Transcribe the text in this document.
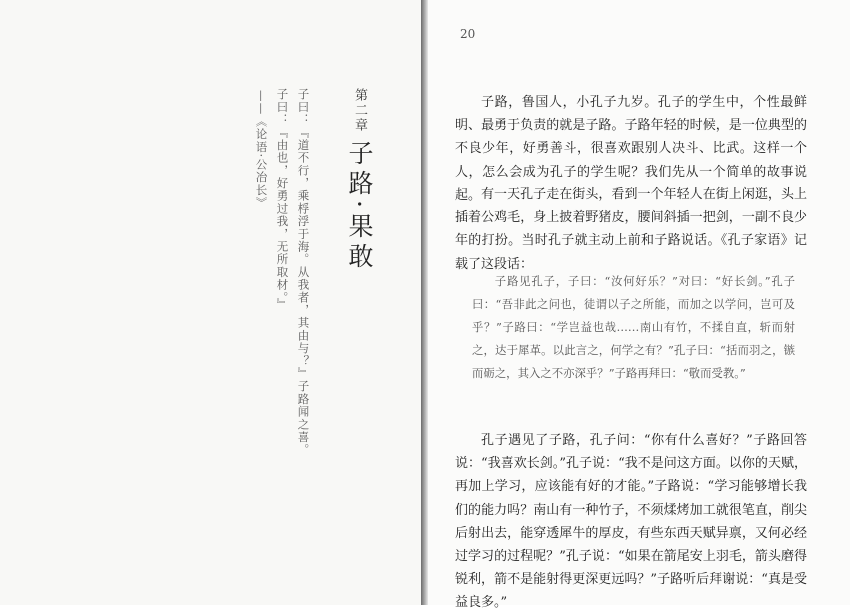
第二章
子路·果敢
子曰：『道不行，乘桴浮于海。从我者，其由与？』子路闻之喜。
子曰：『由也，好勇过我，无所取材。』
——《论语·公冶长》
20

子路，鲁国人，小孔子九岁。孔子的学生中，个性最鲜明、最勇于负责的就是子路。子路年轻的时候，是一位典型的不良少年，好勇善斗，很喜欢跟别人决斗、比武。这样一个人，怎么会成为孔子的学生呢？我们先从一个简单的故事说起。 有一天孔子走在街头，看到一个年轻人在街上闲逛，头上插着公鸡毛，身上披着野猪皮，腰间斜插一把剑，一副不良少年的打扮。当时孔子就主动上前和子路说话。《孔子家语》记载了这段话：

子路见孔子，子曰：“汝何好乐？”对曰：“好长剑。”孔子曰：“吾非此之问也，徒谓以子之所能，而加之以学问，岂可及乎？”子路曰：“学岂益也哉……南山有竹，不揉自直，斩而射之，达于犀革。以此言之，何学之有？”孔子曰：“括而羽之，镞而砺之，其入之不亦深乎？”子路再拜曰：“敬而受教。”

孔子遇见了子路，孔子问：“你有什么喜好？”子路回答说：“我喜欢长剑。”孔子说：“我不是问这方面。以你的天赋，再加上学习，应该能有好的才能。”子路说：“学习能够增长我们的能力吗？南山有一种竹子，不须煣烤加工就很笔直，削尖后射出去，能穿透犀牛的厚皮，有些东西天赋异禀，又何必经过学习的过程呢？”孔子说：“如果在箭尾安上羽毛，箭头磨得锐利，箭不是能射得更深更远吗？”子路听后拜谢说：“真是受益良多。”
